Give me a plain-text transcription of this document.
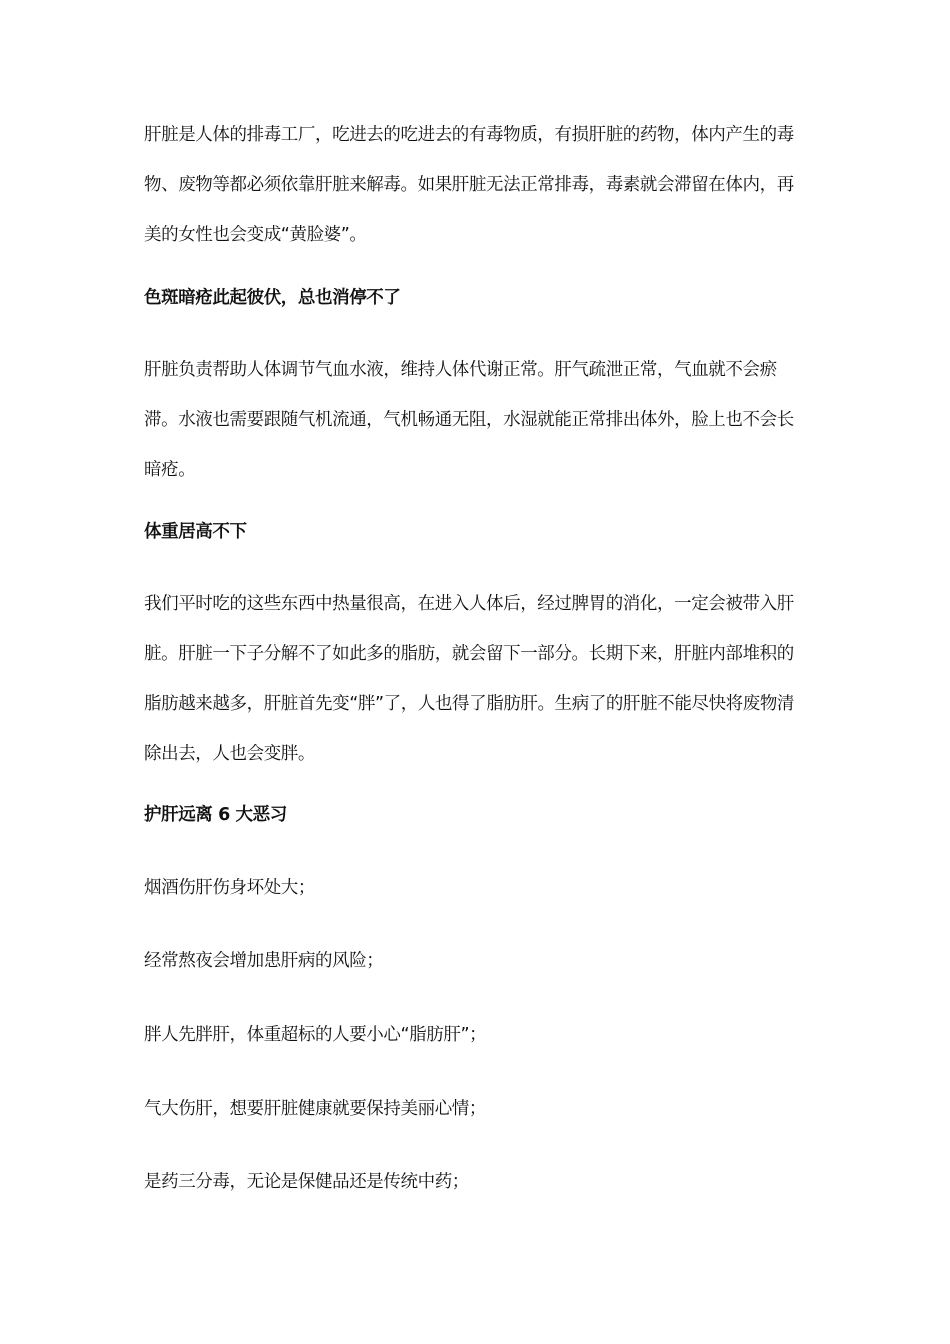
肝脏是人体的排毒工厂，吃进去的吃进去的有毒物质，有损肝脏的药物，体内产生的毒物、废物等都必须依靠肝脏来解毒。如果肝脏无法正常排毒，毒素就会滞留在体内，再美的女性也会变成“黄脸婆”。

色斑暗疮此起彼伏，总也消停不了

肝脏负责帮助人体调节气血水液，维持人体代谢正常。肝气疏泄正常，气血就不会瘀滞。水液也需要跟随气机流通，气机畅通无阻，水湿就能正常排出体外，脸上也不会长暗疮。

体重居高不下

我们平时吃的这些东西中热量很高，在进入人体后，经过脾胃的消化，一定会被带入肝脏。肝脏一下子分解不了如此多的脂肪，就会留下一部分。长期下来，肝脏内部堆积的脂肪越来越多，肝脏首先变“胖”了，人也得了脂肪肝。生病了的肝脏不能尽快将废物清除出去，人也会变胖。

护肝远离 6 大恶习

烟酒伤肝伤身坏处大；

经常熬夜会增加患肝病的风险；

胖人先胖肝，体重超标的人要小心“脂肪肝”；

气大伤肝，想要肝脏健康就要保持美丽心情；

是药三分毒，无论是保健品还是传统中药；
